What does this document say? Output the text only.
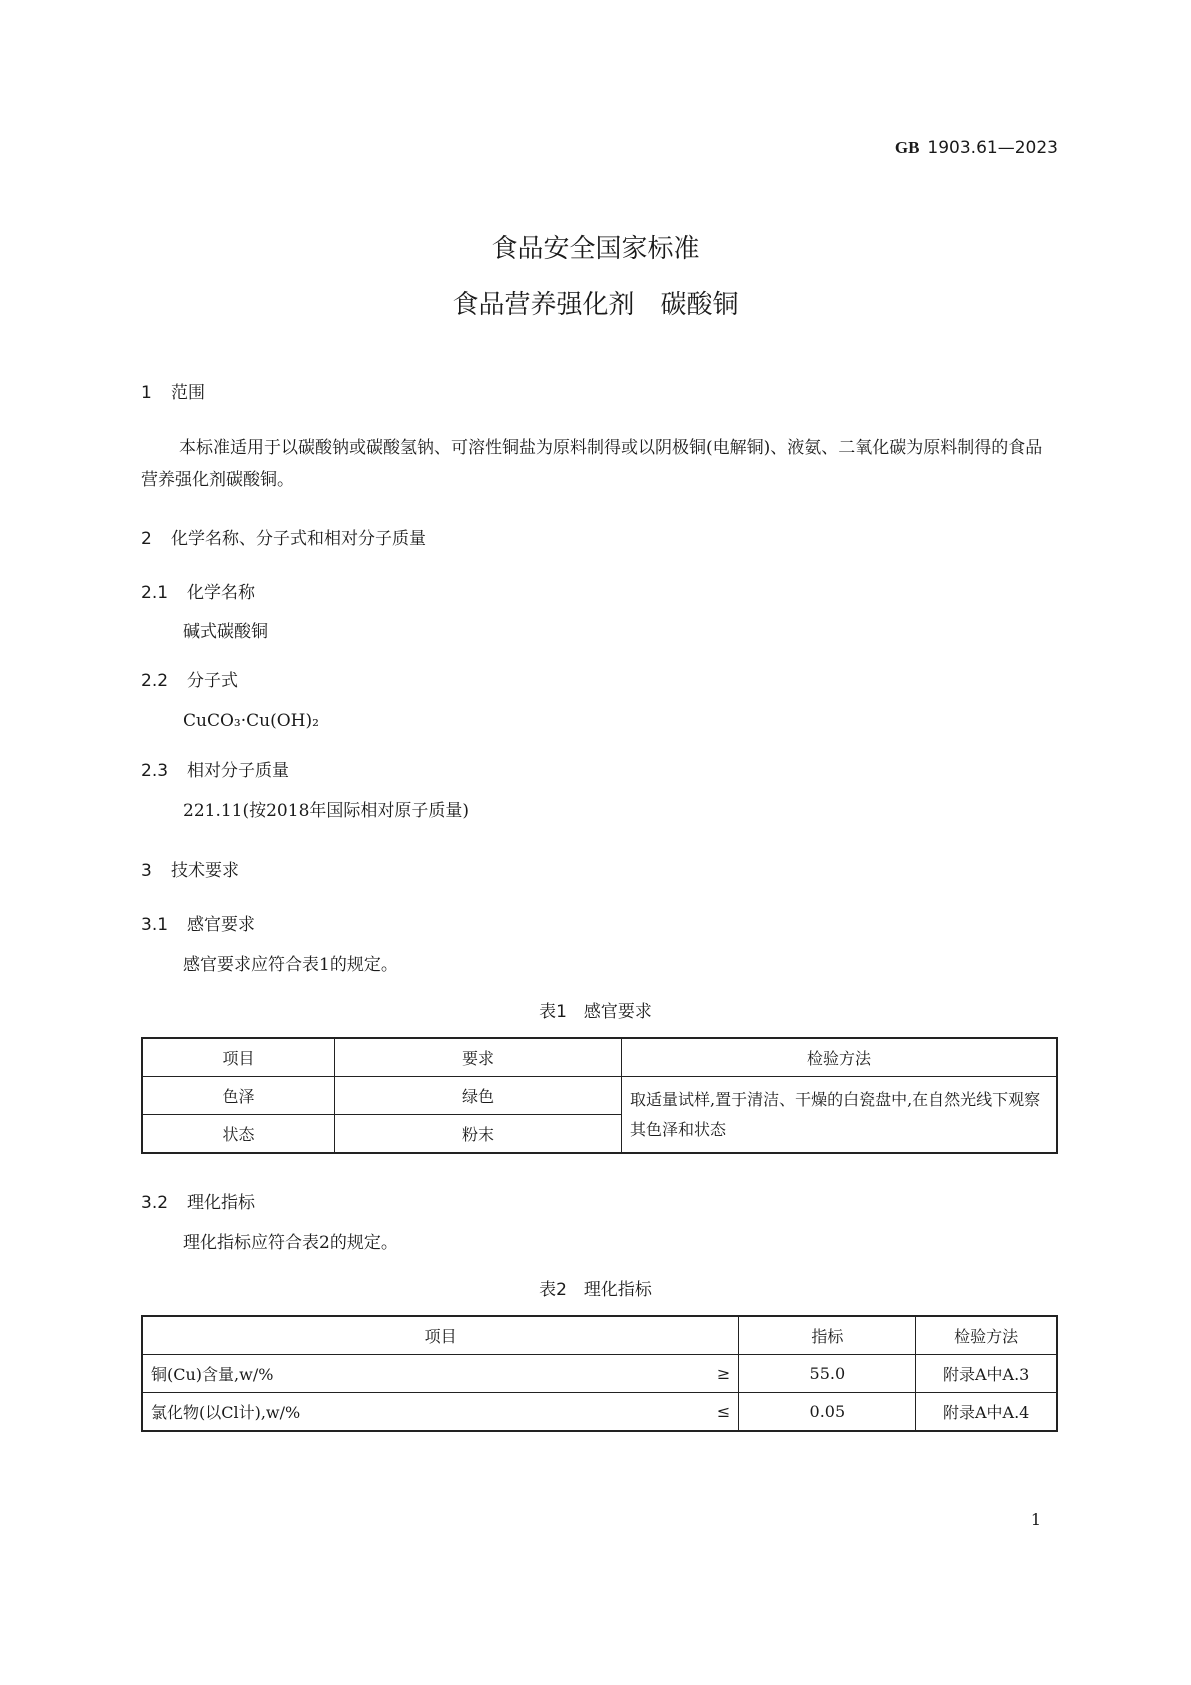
GB 1903.61—2023
食品安全国家标准
食品营养强化剂　碳酸铜
1 范围
本标准适用于以碳酸钠或碳酸氢钠、可溶性铜盐为原料制得或以阴极铜(电解铜)、液氨、二氧化碳为原料制得的食品营养强化剂碳酸铜。
2 化学名称、分子式和相对分子质量
2.1 化学名称
碱式碳酸铜
2.2 分子式
CuCO₃·Cu(OH)₂
2.3 相对分子质量
221.11(按2018年国际相对原子质量)
3 技术要求
3.1 感官要求
感官要求应符合表1的规定。
表1　感官要求
项目	要求	检验方法
色泽	绿色	取适量试样,置于清洁、干燥的白瓷盘中,在自然光线下观察其色泽和状态
状态	粉末	
3.2 理化指标
理化指标应符合表2的规定。
表2　理化指标
项目		指标	检验方法
铜(Cu)含量,w/%	≥	55.0	附录A中A.3
氯化物(以Cl计),w/%	≤	0.05	附录A中A.4
1
